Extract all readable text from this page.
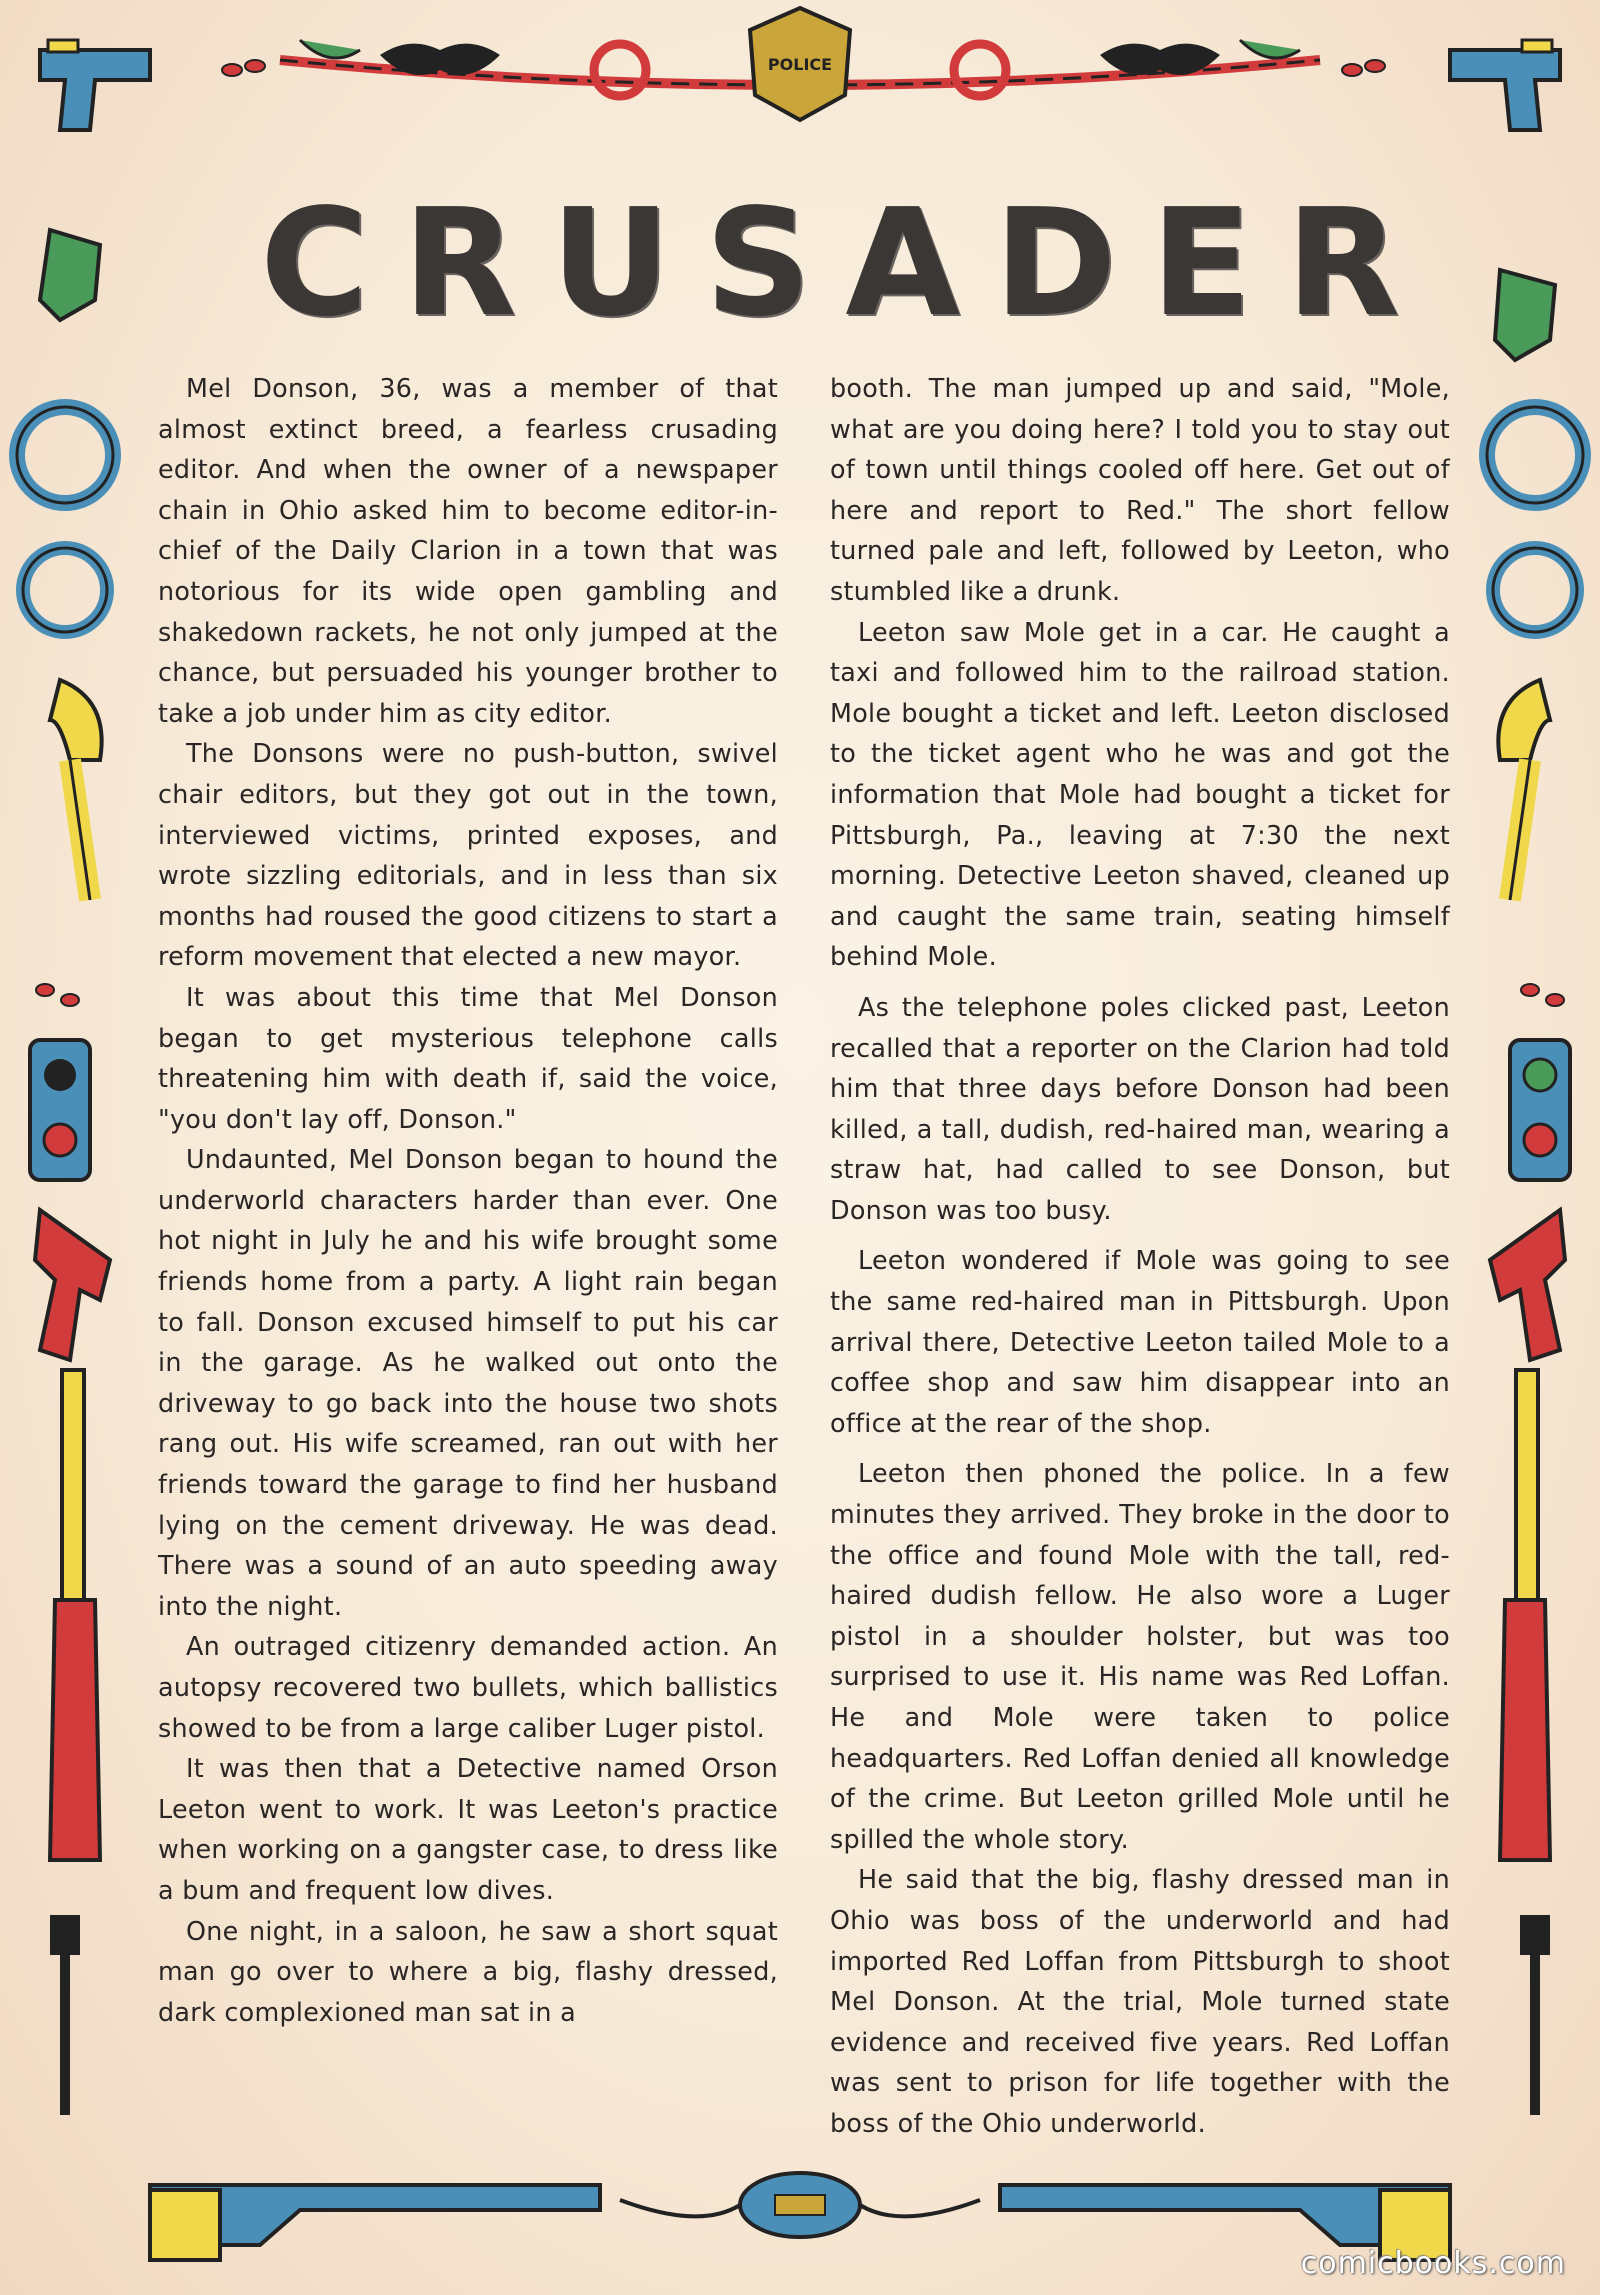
POLICE
CRUSADER

Mel Donson, 36, was a member of that almost extinct breed, a fearless crusading editor. And when the owner of a newspaper chain in Ohio asked him to become editor-in-chief of the Daily Clarion in a town that was notorious for its wide open gambling and shakedown rackets, he not only jumped at the chance, but persuaded his younger brother to take a job under him as city editor.

The Donsons were no push-button, swivel chair editors, but they got out in the town, interviewed victims, printed exposes, and wrote sizzling editorials, and in less than six months had roused the good citizens to start a reform movement that elected a new mayor.

It was about this time that Mel Donson began to get mysterious telephone calls threatening him with death if, said the voice, "you don't lay off, Donson."

Undaunted, Mel Donson began to hound the underworld characters harder than ever. One hot night in July he and his wife brought some friends home from a party. A light rain began to fall. Donson excused himself to put his car in the garage. As he walked out onto the driveway to go back into the house two shots rang out. His wife screamed, ran out with her friends toward the garage to find her husband lying on the cement driveway. He was dead. There was a sound of an auto speeding away into the night.

An outraged citizenry demanded action. An autopsy recovered two bullets, which ballistics showed to be from a large caliber Luger pistol.

It was then that a Detective named Orson Leeton went to work. It was Leeton's practice when working on a gangster case, to dress like a bum and frequent low dives.

One night, in a saloon, he saw a short squat man go over to where a big, flashy dressed, dark complexioned man sat in a

booth. The man jumped up and said, "Mole, what are you doing here? I told you to stay out of town until things cooled off here. Get out of here and report to Red." The short fellow turned pale and left, followed by Leeton, who stumbled like a drunk.

Leeton saw Mole get in a car. He caught a taxi and followed him to the railroad station. Mole bought a ticket and left. Leeton disclosed to the ticket agent who he was and got the information that Mole had bought a ticket for Pittsburgh, Pa., leaving at 7:30 the next morning. Detective Leeton shaved, cleaned up and caught the same train, seating himself behind Mole.

As the telephone poles clicked past, Leeton recalled that a reporter on the Clarion had told him that three days before Donson had been killed, a tall, dudish, red-haired man, wearing a straw hat, had called to see Donson, but Donson was too busy.

Leeton wondered if Mole was going to see the same red-haired man in Pittsburgh. Upon arrival there, Detective Leeton tailed Mole to a coffee shop and saw him disappear into an office at the rear of the shop.

Leeton then phoned the police. In a few minutes they arrived. They broke in the door to the office and found Mole with the tall, red-haired dudish fellow. He also wore a Luger pistol in a shoulder holster, but was too surprised to use it. His name was Red Loffan. He and Mole were taken to police headquarters. Red Loffan denied all knowledge of the crime. But Leeton grilled Mole until he spilled the whole story.

He said that the big, flashy dressed man in Ohio was boss of the underworld and had imported Red Loffan from Pittsburgh to shoot Mel Donson. At the trial, Mole turned state evidence and received five years. Red Loffan was sent to prison for life together with the boss of the Ohio underworld.

comicbooks.com
